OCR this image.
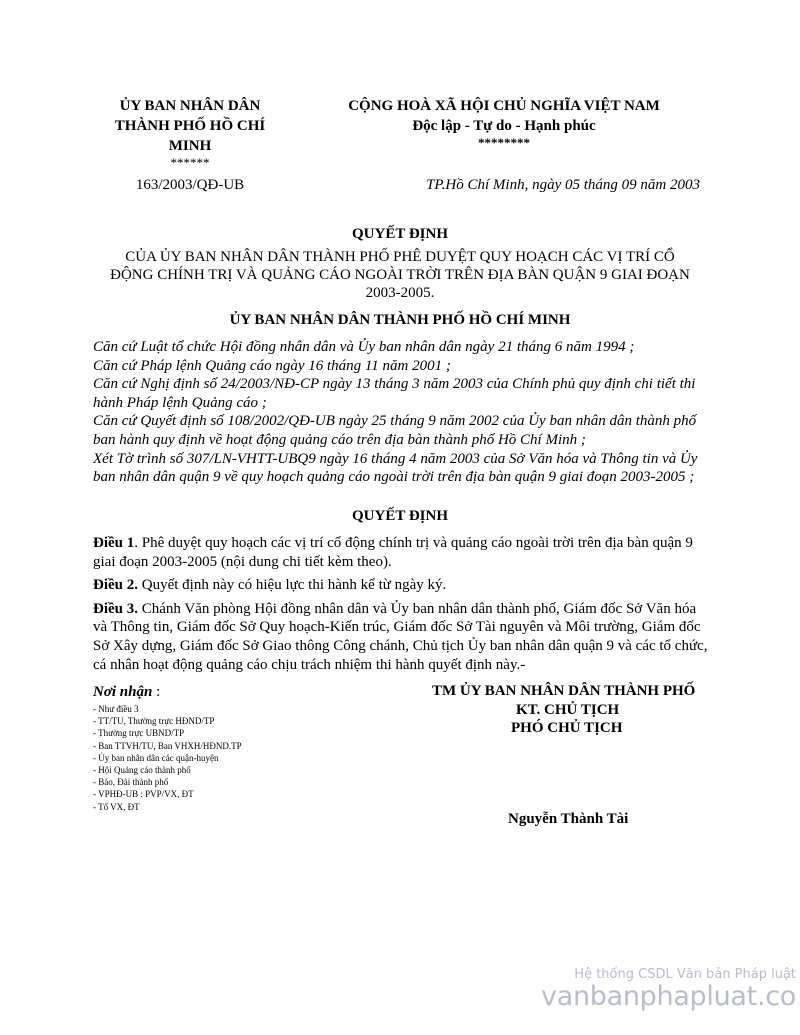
ỦY BAN NHÂN DÂN
THÀNH PHỐ HỒ CHÍ
MINH
******
CỘNG HOÀ XÃ HỘI CHỦ NGHĨA VIỆT NAM
Độc lập - Tự do - Hạnh phúc
********
163/2003/QĐ-UB	TP.Hồ Chí Minh, ngày 05 tháng 09 năm 2003
QUYẾT ĐỊNH
CỦA ỦY BAN NHÂN DÂN THÀNH PHỐ PHÊ DUYỆT QUY HOẠCH CÁC VỊ TRÍ CỔ
ĐỘNG CHÍNH TRỊ VÀ QUẢNG CÁO NGOÀI TRỜI TRÊN ĐỊA BÀN QUẬN 9 GIAI ĐOẠN
2003-2005.
ỦY BAN NHÂN DÂN THÀNH PHỐ HỒ CHÍ MINH

Căn cứ Luật tổ chức Hội đồng nhân dân và Ủy ban nhân dân ngày 21 tháng 6 năm 1994 ;

Căn cứ Pháp lệnh Quảng cáo ngày 16 tháng 11 năm 2001 ;

Căn cứ Nghị định số 24/2003/NĐ-CP ngày 13 tháng 3 năm 2003 của Chính phủ quy định chi tiết thi hành Pháp lệnh Quảng cáo ;

Căn cứ Quyết định số 108/2002/QĐ-UB ngày 25 tháng 9 năm 2002 của Ủy ban nhân dân thành phố ban hành quy định về hoạt động quảng cáo trên địa bàn thành phố Hồ Chí Minh ;

Xét Tờ trình số 307/LN-VHTT-UBQ9 ngày 16 tháng 4 năm 2003 của Sở Văn hóa và Thông tin và Ủy ban nhân dân quận 9 về quy hoạch quảng cáo ngoài trời trên địa bàn quận 9 giai đoạn 2003-2005 ;

QUYẾT ĐỊNH

Điều 1. Phê duyệt quy hoạch các vị trí cổ động chính trị và quảng cáo ngoài trời trên địa bàn quận 9 giai đoạn 2003-2005 (nội dung chi tiết kèm theo).

Điều 2. Quyết định này có hiệu lực thi hành kể từ ngày ký.

Điều 3. Chánh Văn phòng Hội đồng nhân dân và Ủy ban nhân dân thành phố, Giám đốc Sở Văn hóa và Thông tin, Giám đốc Sở Quy hoạch-Kiến trúc, Giám đốc Sở Tài nguyên và Môi trường, Giám đốc Sở Xây dựng, Giám đốc Sở Giao thông Công chánh, Chủ tịch Ủy ban nhân dân quận 9 và các tổ chức, cá nhân hoạt động quảng cáo chịu trách nhiệm thi hành quyết định này.-

Nơi nhận :
- Như điều 3
- TT/TU, Thường trực HĐND/TP
- Thường trực UBND/TP
- Ban TTVH/TU, Ban VHXH/HĐND.TP
- Ủy ban nhân dân các quận-huyện
- Hội Quảng cáo thành phố
- Báo, Đài thành phố
- VPHĐ-UB : PVP/VX, ĐT
- Tổ VX, ĐT
TM ỦY BAN NHÂN DÂN THÀNH PHỐ
KT. CHỦ TỊCH
PHÓ CHỦ TỊCH
Nguyễn Thành Tài
Hệ thống CSDL Văn bản Pháp luật
vanbanphapluat.co
